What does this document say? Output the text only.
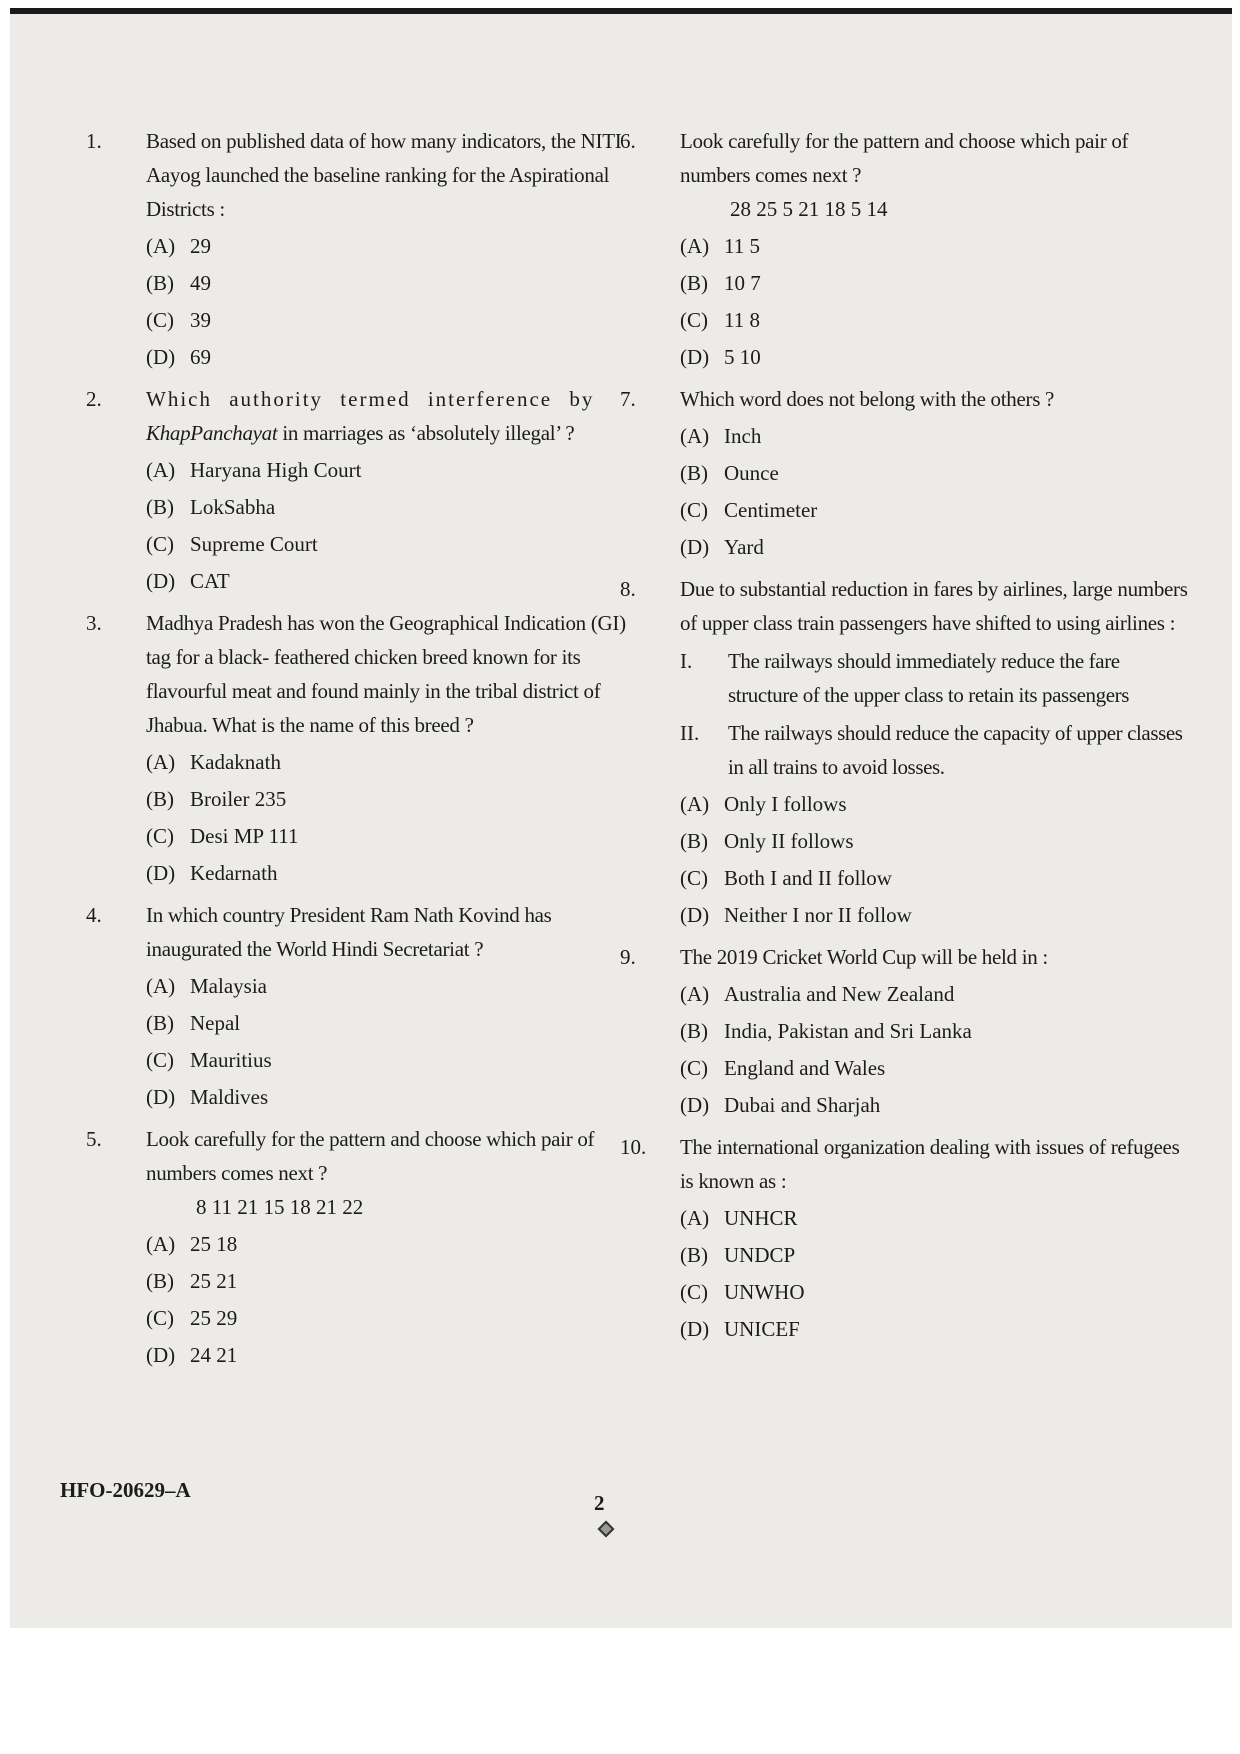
1.	Based on published data of how many indicators, the NITI Aayog launched the baseline ranking for the Aspirational Districts :
(A) 29
(B) 49
(C) 39
(D) 69
2.	Which authority termed interference by
KhapPanchayat in marriages as ‘absolutely illegal’ ?
(A) Haryana High Court
(B) LokSabha
(C) Supreme Court
(D) CAT
3.	Madhya Pradesh has won the Geographical Indication (GI) tag for a black- feathered chicken breed known for its flavourful meat and found mainly in the tribal district of Jhabua. What is the name of this breed ?
(A) Kadaknath
(B) Broiler 235
(C) Desi MP 111
(D) Kedarnath
4.	In which country President Ram Nath Kovind has inaugurated the World Hindi Secretariat ?
(A) Malaysia
(B) Nepal
(C) Mauritius
(D) Maldives
5.	Look carefully for the pattern and choose which pair of numbers comes next ?
8 11 21 15 18 21 22
(A) 25 18
(B) 25 21
(C) 25 29
(D) 24 21
6.	Look carefully for the pattern and choose which pair of numbers comes next ?
28 25 5 21 18 5 14
(A) 11 5
(B) 10 7
(C) 11 8
(D) 5 10
7.	Which word does not belong with the others ?
(A) Inch
(B) Ounce
(C) Centimeter
(D) Yard
8.	Due to substantial reduction in fares by airlines, large numbers of upper class train passengers have shifted to using airlines :
I.	The railways should immediately reduce the fare structure of the upper class to retain its passengers
II.	The railways should reduce the capacity of upper classes in all trains to avoid losses.
(A) Only I follows
(B) Only II follows
(C) Both I and II follow
(D) Neither I nor II follow
9.	The 2019 Cricket World Cup will be held in :
(A) Australia and New Zealand
(B) India, Pakistan and Sri Lanka
(C) England and Wales
(D) Dubai and Sharjah
10.	The international organization dealing with issues of refugees is known as :
(A) UNHCR
(B) UNDCP
(C) UNWHO
(D) UNICEF
HFO-20629–A
2
